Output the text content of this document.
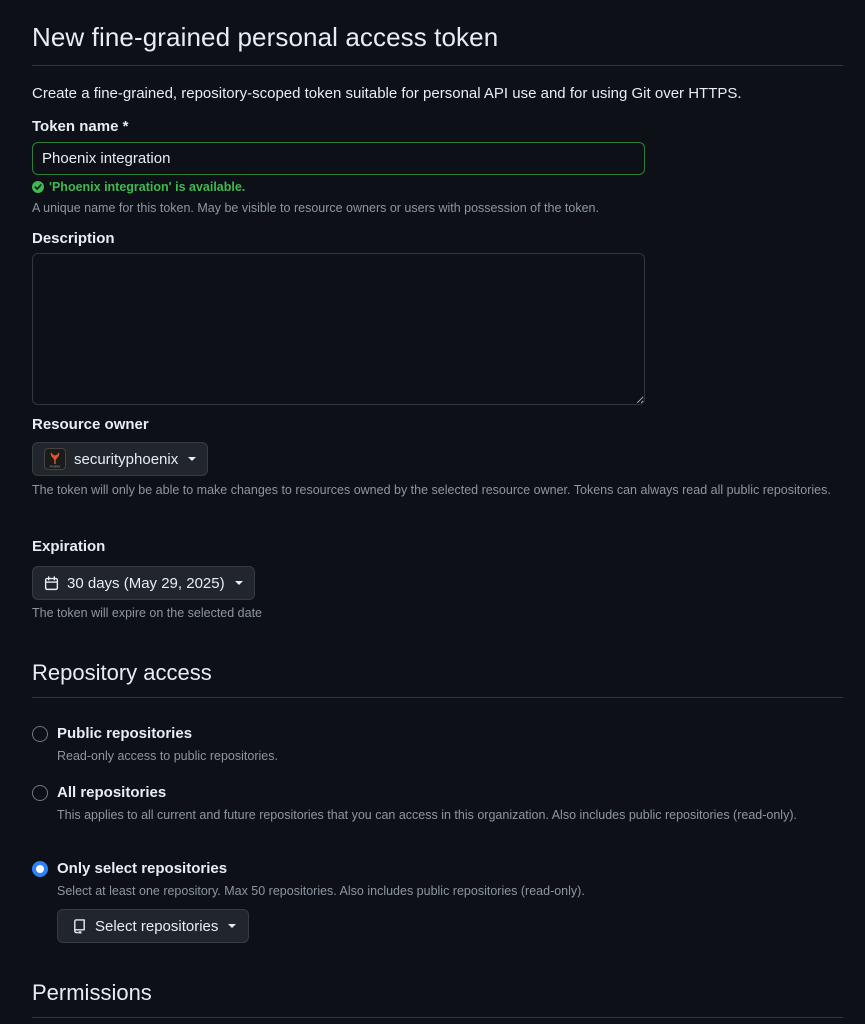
New fine-grained personal access token
Create a fine-grained, repository-scoped token suitable for personal API use and for using Git over HTTPS.
Token name *
Phoenix integration
'Phoenix integration' is available.
A unique name for this token. May be visible to resource owners or users with possession of the token.
Description
Resource owner
PHOENIX securityphoenix
The token will only be able to make changes to resources owned by the selected resource owner. Tokens can always read all public repositories.
Expiration
30 days (May 29, 2025)
The token will expire on the selected date
Repository access
Public repositories
Read-only access to public repositories.
All repositories
This applies to all current and future repositories that you can access in this organization. Also includes public repositories (read-only).
Only select repositories
Select at least one repository. Max 50 repositories. Also includes public repositories (read-only).
Select repositories
Permissions
